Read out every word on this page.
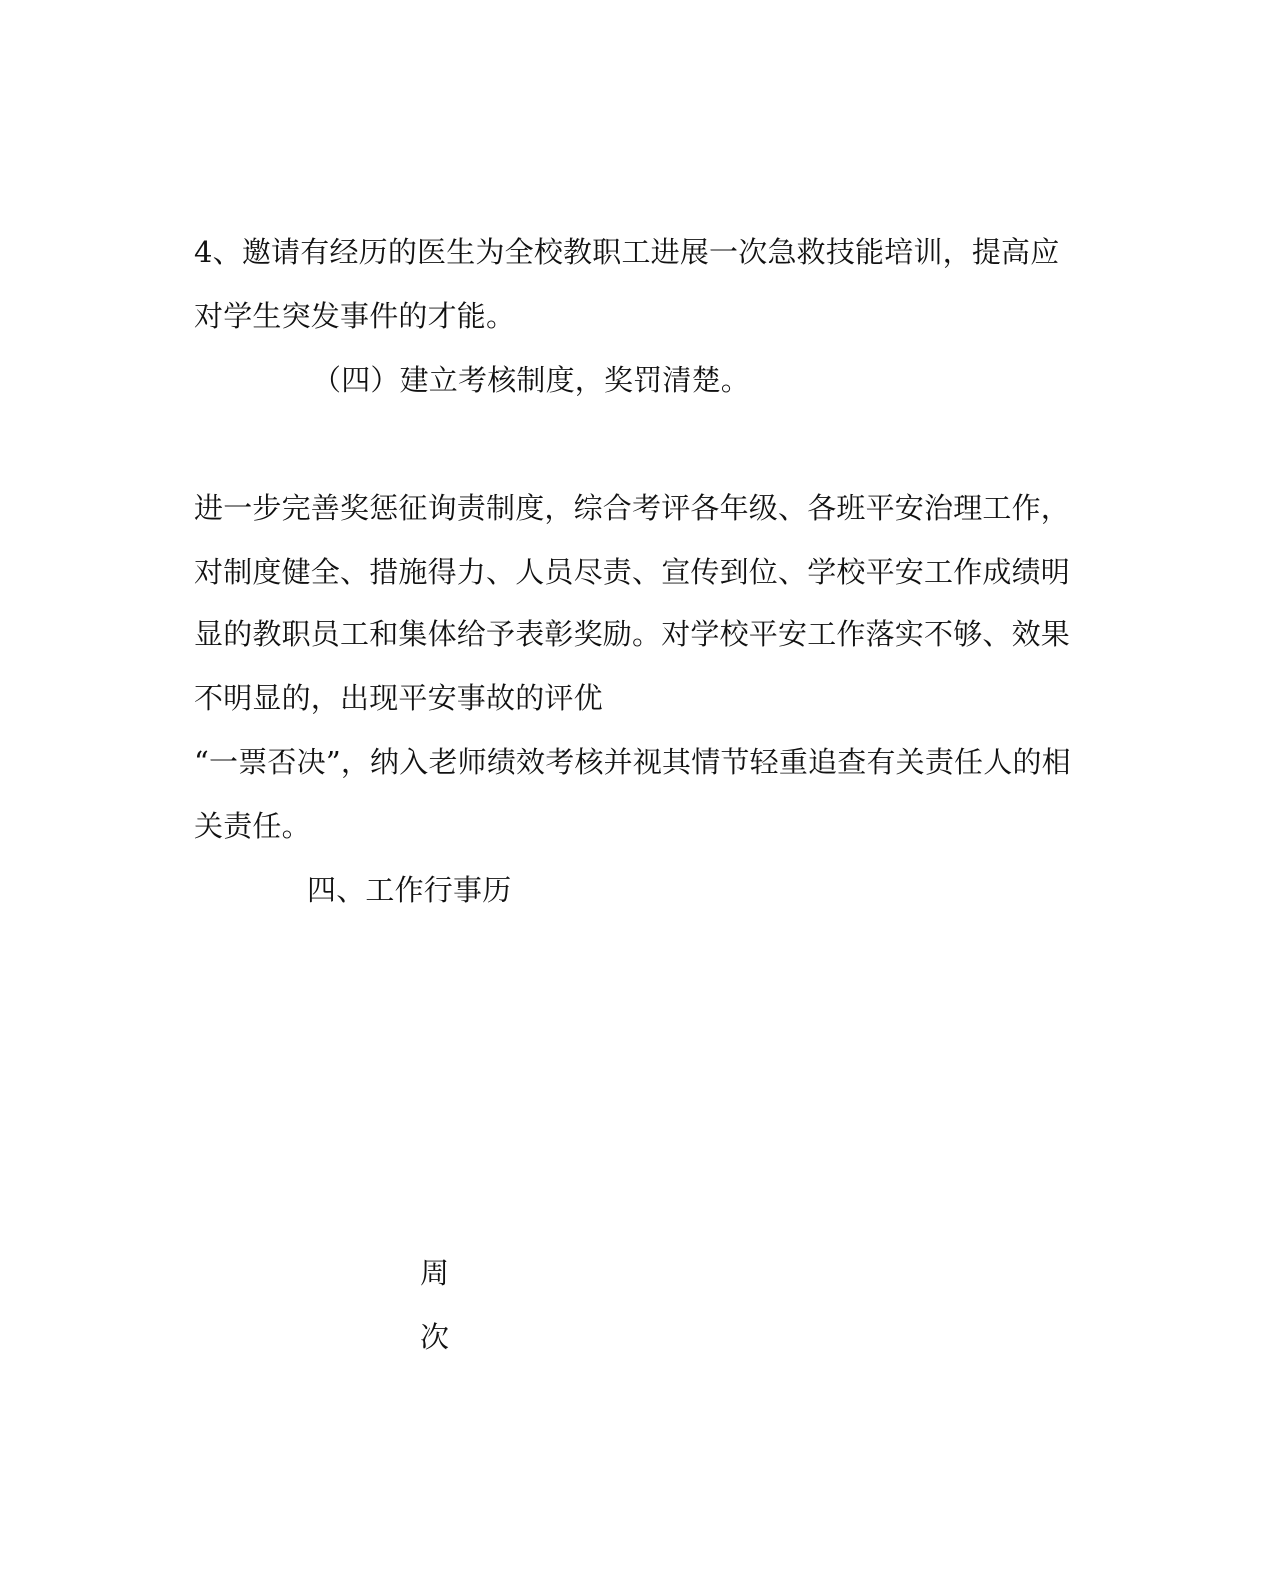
4、邀请有经历的医生为全校教职工进展一次急救技能培训，提高应
对学生突发事件的才能。
（四）建立考核制度，奖罚清楚。
进一步完善奖惩征询责制度，综合考评各年级、各班平安治理工作，
对制度健全、措施得力、人员尽责、宣传到位、学校平安工作成绩明
显的教职员工和集体给予表彰奖励。对学校平安工作落实不够、效果
不明显的，出现平安事故的评优
“一票否决”，纳入老师绩效考核并视其情节轻重追查有关责任人的相
关责任。
四、工作行事历
周
次
